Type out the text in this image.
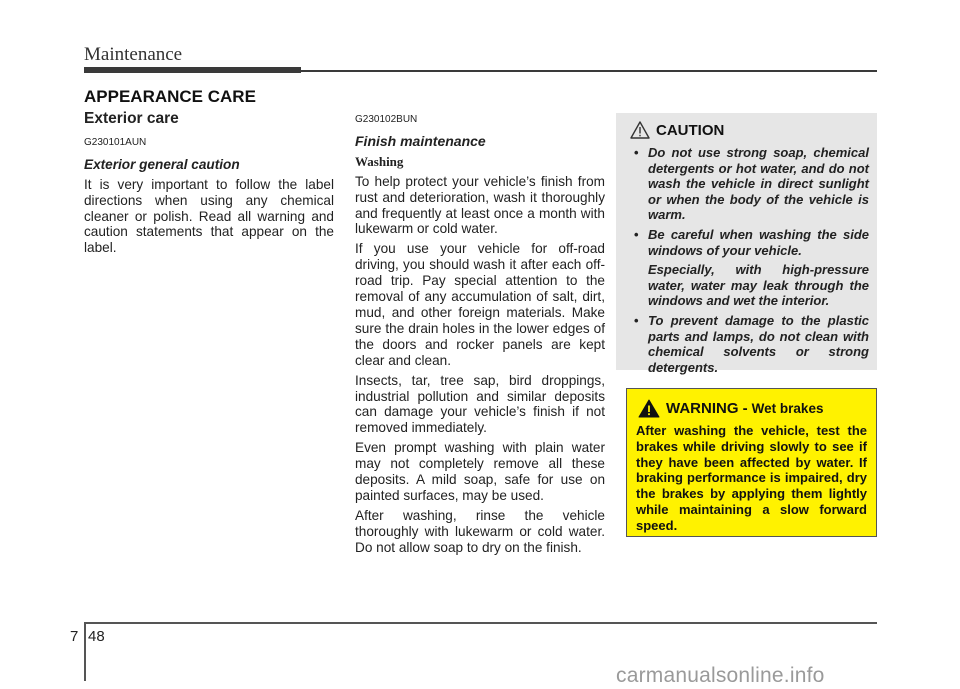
Maintenance
APPEARANCE CARE
Exterior care
G230101AUN
Exterior general caution
It is very important to follow the label directions when using any chemical cleaner or polish. Read all warning and caution statements that appear on the label.
G230102BUN
Finish maintenance
Washing
To help protect your vehicle’s finish from rust and deterioration, wash it thoroughly and frequently at least once a month with lukewarm or cold water.
If you use your vehicle for off-road driving, you should wash it after each off-road trip. Pay special attention to the removal of any accumulation of salt, dirt, mud, and other foreign materials. Make sure the drain holes in the lower edges of the doors and rocker panels are kept clear and clean.
Insects, tar, tree sap, bird droppings, industrial pollution and similar deposits can damage your vehicle’s finish if not removed immediately.
Even prompt washing with plain water may not completely remove all these deposits. A mild soap, safe for use on painted surfaces, may be used.
After washing, rinse the vehicle thoroughly with lukewarm or cold water. Do not allow soap to dry on the finish.
CAUTION
• Do not use strong soap, chemical detergents or hot water, and do not wash the vehicle in direct sunlight or when the body of the vehicle is warm.
• Be careful when washing the side windows of your vehicle.
Especially, with high-pressure water, water may leak through the windows and wet the interior.
• To prevent damage to the plastic parts and lamps, do not clean with chemical solvents or strong detergents.
WARNING - Wet brakes
After washing the vehicle, test the brakes while driving slowly to see if they have been affected by water. If braking performance is impaired, dry the brakes by applying them lightly while maintaining a slow forward speed.
7 48
carmanualsonline.info
